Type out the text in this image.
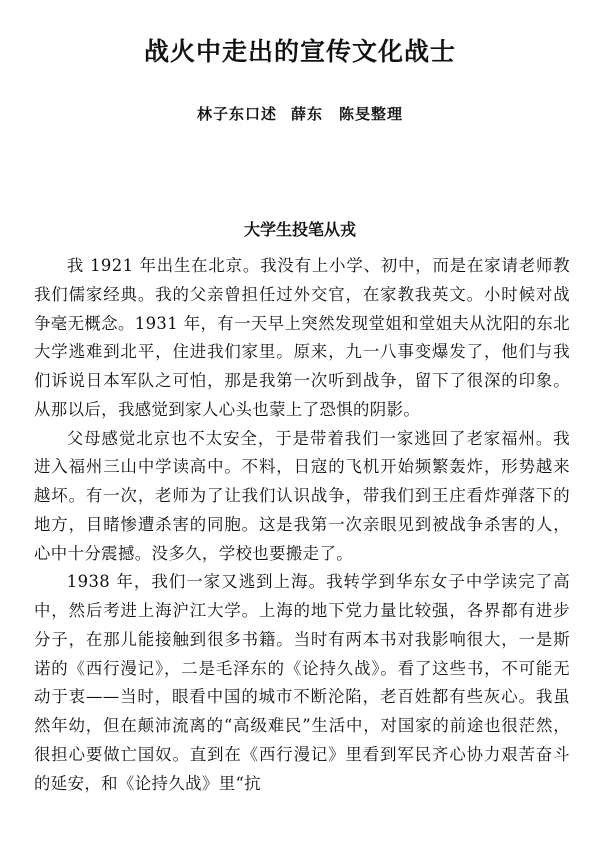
战火中走出的宣传文化战士
林子东口述 薛东　陈旻整理
大学生投笔从戎

我 1921 年出生在北京。我没有上小学、初中，而是在家请老师教我们儒家经典。我的父亲曾担任过外交官，在家教我英文。小时候对战争毫无概念。1931 年，有一天早上突然发现堂姐和堂姐夫从沈阳的东北大学逃难到北平，住进我们家里。原来，九一八事变爆发了，他们与我们诉说日本军队之可怕，那是我第一次听到战争，留下了很深的印象。从那以后，我感觉到家人心头也蒙上了恐惧的阴影。

父母感觉北京也不太安全，于是带着我们一家逃回了老家福州。我进入福州三山中学读高中。不料，日寇的飞机开始频繁轰炸，形势越来越坏。有一次，老师为了让我们认识战争，带我们到王庄看炸弹落下的地方，目睹惨遭杀害的同胞。这是我第一次亲眼见到被战争杀害的人，心中十分震撼。没多久，学校也要搬走了。

1938 年，我们一家又逃到上海。我转学到华东女子中学读完了高中，然后考进上海沪江大学。上海的地下党力量比较强，各界都有进步分子，在那儿能接触到很多书籍。当时有两本书对我影响很大，一是斯诺的《西行漫记》，二是毛泽东的《论持久战》。看了这些书，不可能无动于衷——当时，眼看中国的城市不断沦陷，老百姓都有些灰心。我虽然年幼，但在颠沛流离的“高级难民”生活中，对国家的前途也很茫然，很担心要做亡国奴。直到在《西行漫记》里看到军民齐心协力艰苦奋斗的延安，和《论持久战》里“抗
